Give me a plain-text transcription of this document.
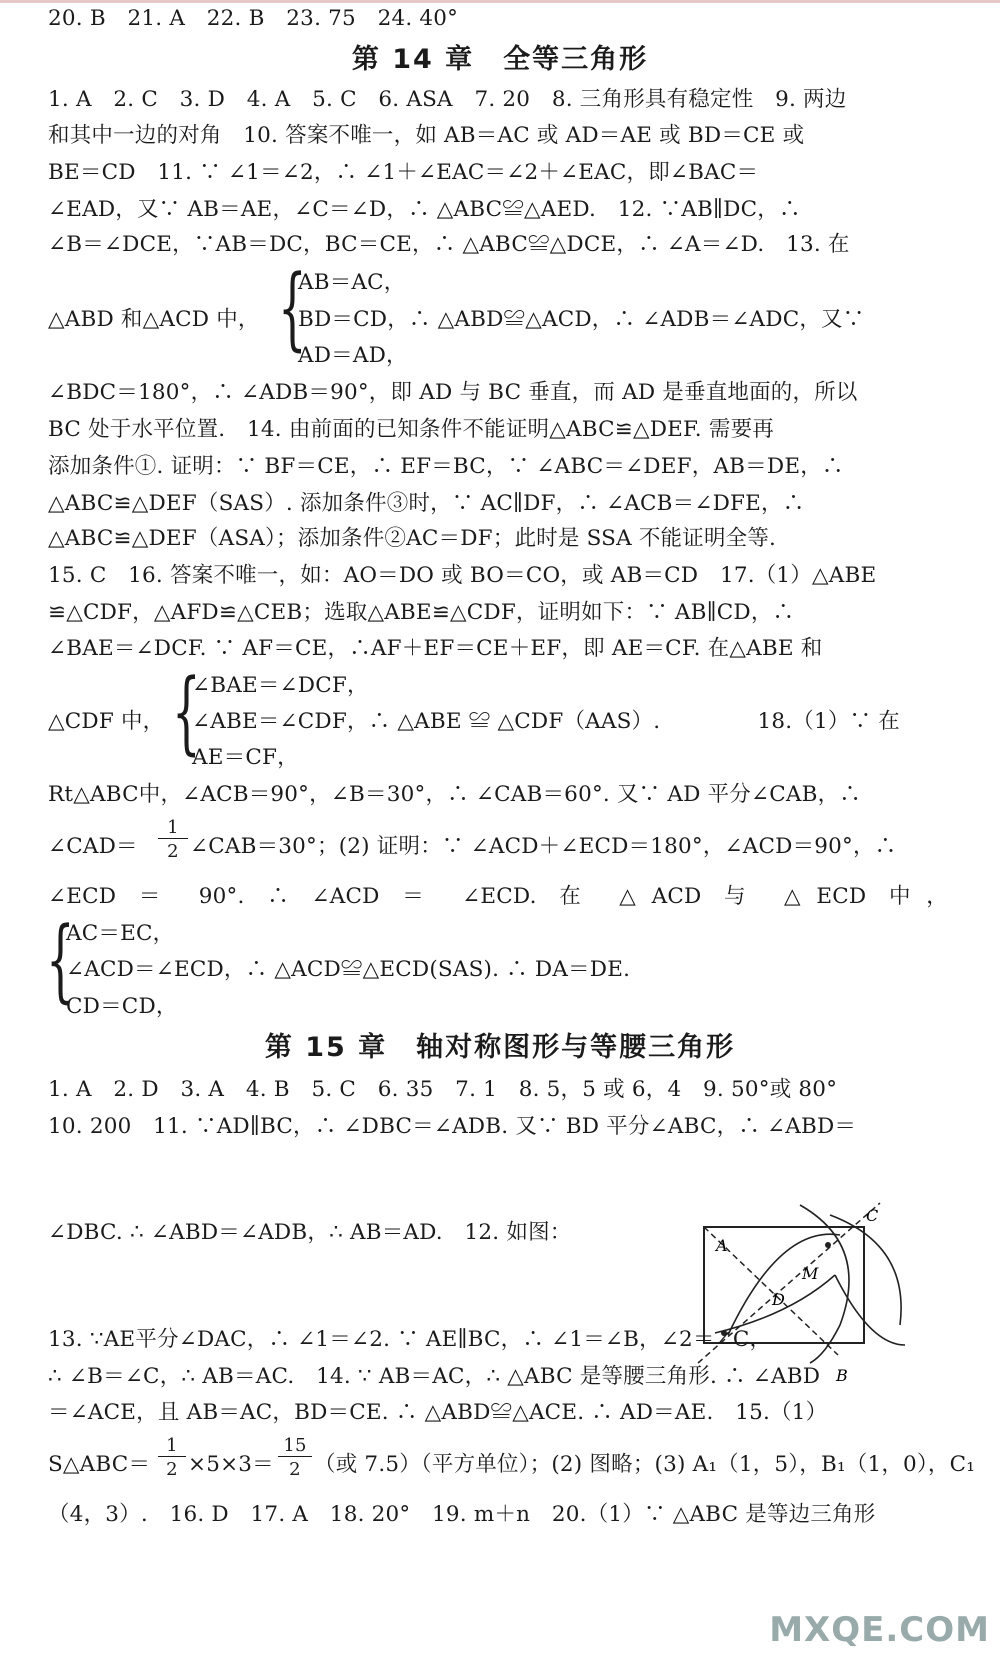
20. B　21. A　22. B　23. 75　24. 40°
第 14 章　全等三角形
1. A　2. C　3. D　4. A　5. C　6. ASA　7. 20　8. 三角形具有稳定性　9. 两边
和其中一边的对角　10. 答案不唯一，如 AB＝AC 或 AD＝AE 或 BD＝CE 或
BE＝CD　11. ∵ ∠1＝∠2，∴ ∠1＋∠EAC＝∠2＋∠EAC，即∠BAC＝
∠EAD，又∵ AB＝AE，∠C＝∠D，∴ △ABC≌△AED.　12. ∵AB∥DC，∴
∠B＝∠DCE，∵AB＝DC，BC＝CE，∴ △ABC≌△DCE，∴ ∠A＝∠D.　13. 在
AB＝AC，
△ABD 和△ACD 中， {
BD＝CD，∴ △ABD≌△ACD，∴ ∠ADB＝∠ADC，又∵
AD＝AD，
∠BDC＝180°，∴ ∠ADB＝90°，即 AD 与 BC 垂直，而 AD 是垂直地面的，所以
BC 处于水平位置.　14. 由前面的已知条件不能证明△ABC≌△DEF. 需要再
添加条件①. 证明：∵ BF＝CE，∴ EF＝BC，∵ ∠ABC＝∠DEF，AB＝DE，∴
△ABC≌△DEF（SAS）. 添加条件③时，∵ AC∥DF，∴ ∠ACB＝∠DFE，∴
△ABC≌△DEF（ASA）；添加条件②AC＝DF；此时是 SSA 不能证明全等.
15. C　16. 答案不唯一，如：AO＝DO 或 BO＝CO，或 AB＝CD　17.（1）△ABE
≌△CDF，△AFD≌△CEB；选取△ABE≌△CDF，证明如下：∵ AB∥CD，∴
∠BAE＝∠DCF. ∵ AF＝CE，∴AF＋EF＝CE＋EF，即 AE＝CF. 在△ABE 和
∠BAE＝∠DCF，
△CDF 中， {
∠ABE＝∠CDF，∴ △ABE ≌ △CDF（AAS）.	18.（1）∵ 在
AE＝CF，
Rt△ABC中，∠ACB＝90°，∠B＝30°，∴ ∠CAB＝60°. 又∵ AD 平分∠CAB，∴
∠CAD＝
1
2 ∠CAB＝30°；(2) 证明：∵ ∠ACD＋∠ECD＝180°，∠ACD＝90°，∴
∠ECD ＝ 90°. ∴ ∠ACD ＝ ∠ECD. 在 △ACD 与 △ECD 中，
AC＝EC，
{
∠ACD＝∠ECD，∴ △ACD≌△ECD(SAS). ∴ DA＝DE.
CD＝CD，
第 15 章　轴对称图形与等腰三角形
1. A　2. D　3. A　4. B　5. C　6. 35　7. 1　8. 5，5 或 6，4　9. 50°或 80°
10. 200　11. ∵AD∥BC，∴ ∠DBC＝∠ADB. 又∵ BD 平分∠ABC，∴ ∠ABD＝
∠DBC. ∴ ∠ABD＝∠ADB，∴ AB＝AD.　12. 如图：
A
B
C
D
M
13. ∵AE平分∠DAC，∴ ∠1＝∠2. ∵ AE∥BC，∴ ∠1＝∠B，∠2＝∠C，
∴ ∠B＝∠C，∴ AB＝AC.　14. ∵ AB＝AC，∴ △ABC 是等腰三角形. ∴ ∠ABD
＝∠ACE，且 AB＝AC，BD＝CE. ∴ △ABD≌△ACE. ∴ AD＝AE.　15.（1）
S△ABC＝
1
2 ×5×3＝
15
2 （或 7.5）（平方单位）；(2) 图略；(3) A₁（1，5），B₁（1，0），C₁
（4，3）.　16. D　17. A　18. 20°　19. m＋n　20.（1）∵ △ABC 是等边三角形
MXQE.COM
